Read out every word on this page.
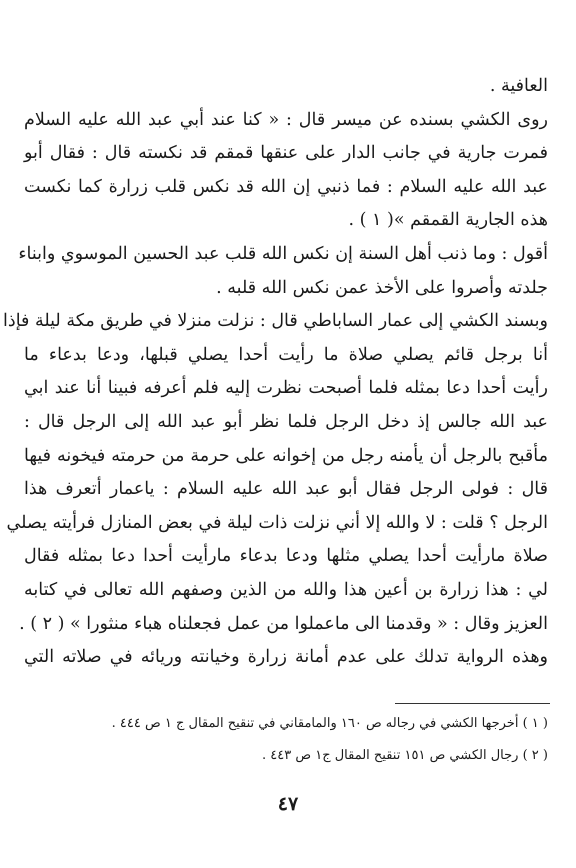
العافية .
روى الكشي بسنده عن ميسر قال : « كنا عند أبي عبد الله عليه السلام
فمرت جارية في جانب الدار على عنقها قمقم قد نكسته قال : فقال أبو
عبد الله عليه السلام : فما ذنبي إن الله قد نكس قلب زرارة كما نكست
هذه الجارية القمقم »( ١ ) .
أقول : وما ذنب أهل السنة إن نكس الله قلب عبد الحسين الموسوي وابناء
جلدته وأصروا على الأخذ عمن نكس الله قلبه .
وبسند الكشي إلى عمار الساباطي قال : نزلت منزلا في طريق مكة ليلة فإذا
أنا برجل قائم يصلي صلاة ما رأيت أحدا يصلي قبلها، ودعا بدعاء ما
رأيت أحدا دعا بمثله فلما أصبحت نظرت إليه فلم أعرفه فبينا أنا عند ابي
عبد الله جالس إذ دخل الرجل فلما نظر أبو عبد الله إلى الرجل قال :
مأقبح بالرجل أن يأمنه رجل من إخوانه على حرمة من حرمته فيخونه فيها
قال : فولى الرجل فقال أبو عبد الله عليه السلام : ياعمار أتعرف هذا
الرجل ؟ قلت : لا والله إلا أني نزلت ذات ليلة في بعض المنازل فرأيته يصلي
صلاة مارأيت أحدا يصلي مثلها ودعا بدعاء مارأيت أحدا دعا بمثله فقال
لي : هذا زرارة بن أعين هذا والله من الذين وصفهم الله تعالى في كتابه
العزيز وقال : « وقدمنا الى ماعملوا من عمل فجعلناه هباء منثورا » ( ٢ ) .
وهذه الرواية تدلك على عدم أمانة زرارة وخيانته وريائه في صلاته التي
( ١ ) أخرجها الكشي في رجاله ص ١٦٠ والمامقاني في تنقيح المقال ج ١ ص ٤٤٤ .
( ٢ ) رجال الكشي ص ١٥١ تنقيح المقال ج١ ص ٤٤٣ .
٤٧
